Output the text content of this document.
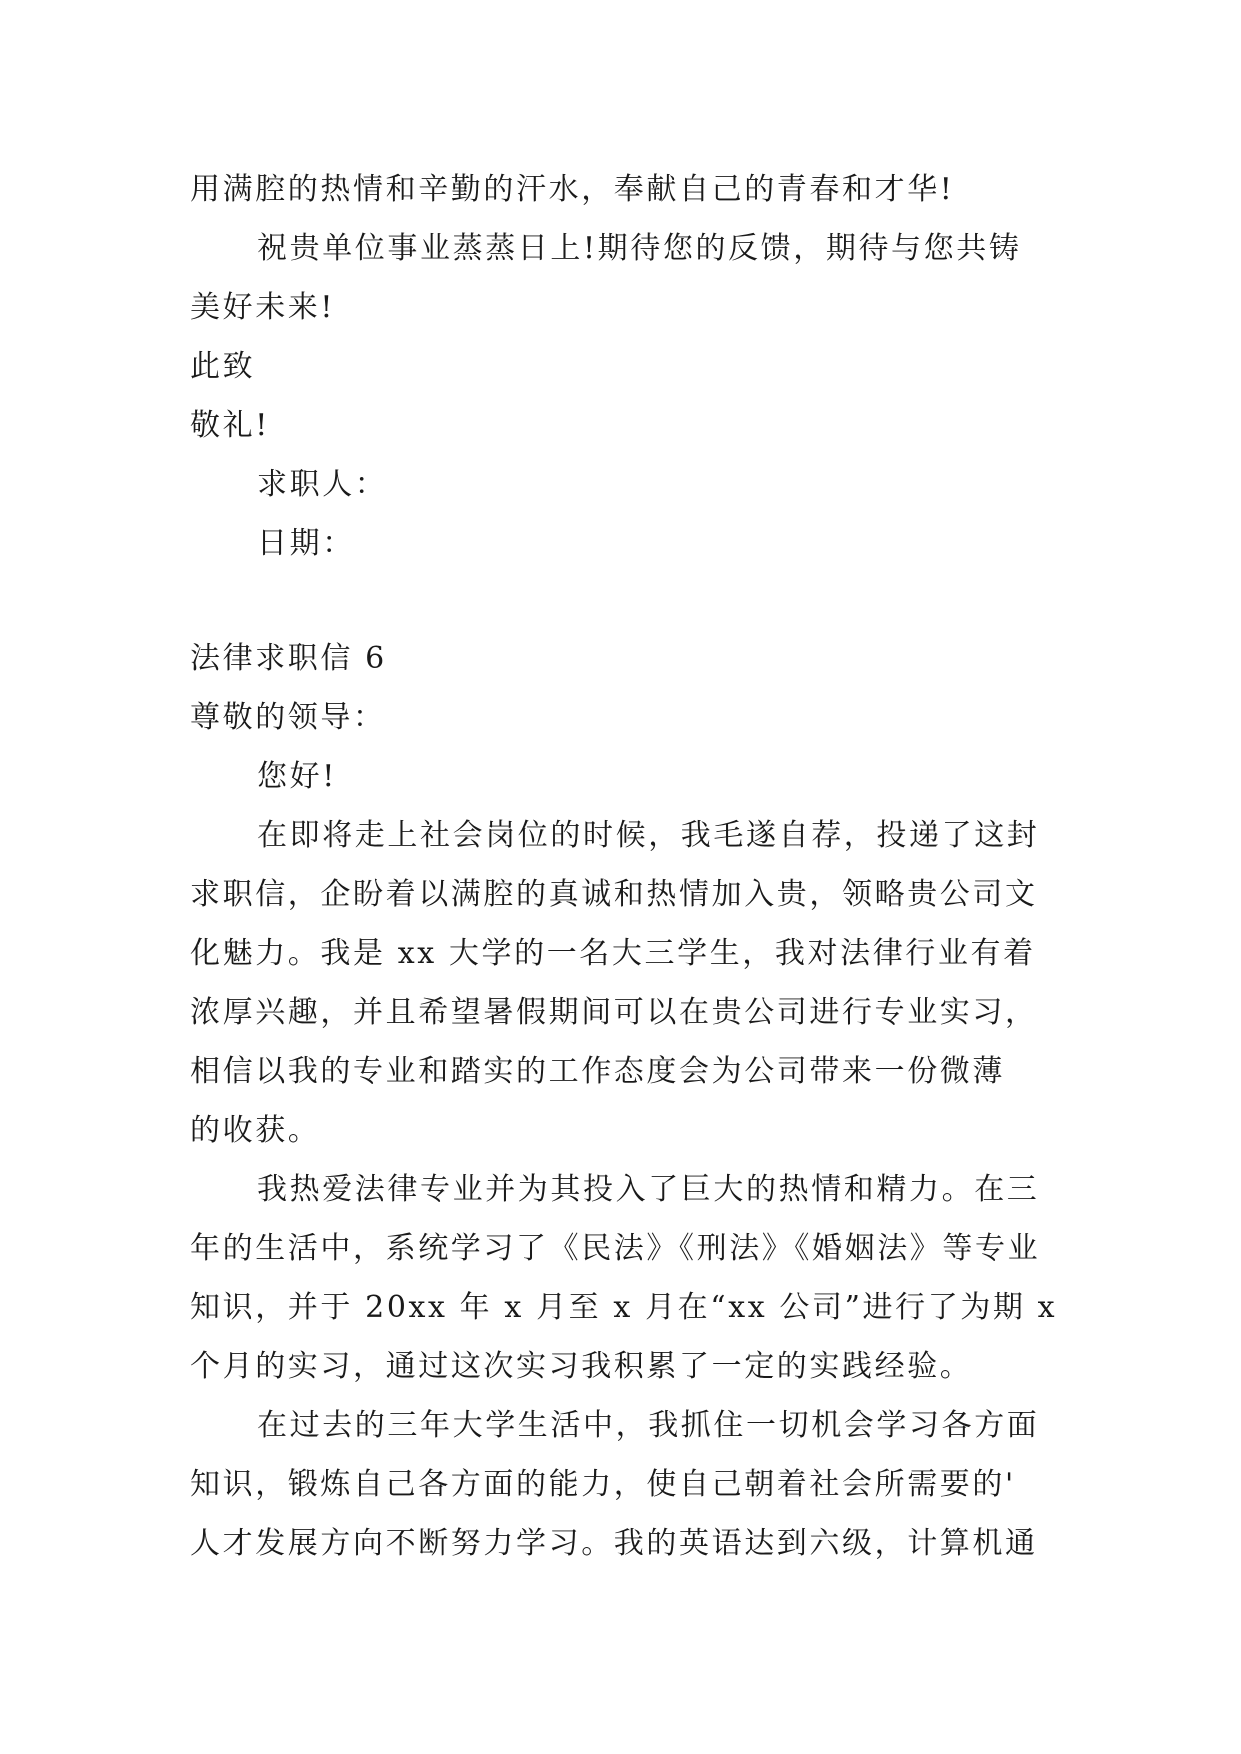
用满腔的热情和辛勤的汗水，奉献自己的青春和才华!
祝贵单位事业蒸蒸日上!期待您的反馈，期待与您共铸
美好未来!
此致
敬礼!
求职人：
日期：
法律求职信 6
尊敬的领导：
您好!
在即将走上社会岗位的时候，我毛遂自荐，投递了这封
求职信，企盼着以满腔的真诚和热情加入贵，领略贵公司文
化魅力。我是 xx 大学的一名大三学生，我对法律行业有着
浓厚兴趣，并且希望暑假期间可以在贵公司进行专业实习，
相信以我的专业和踏实的工作态度会为公司带来一份微薄
的收获。
我热爱法律专业并为其投入了巨大的热情和精力。在三
年的生活中，系统学习了《民法》《刑法》《婚姻法》等专业
知识，并于 20xx 年 x 月至 x 月在“xx 公司”进行了为期 x
个月的实习，通过这次实习我积累了一定的实践经验。
在过去的三年大学生活中，我抓住一切机会学习各方面
知识，锻炼自己各方面的能力，使自己朝着社会所需要的'
人才发展方向不断努力学习。我的英语达到六级，计算机通
